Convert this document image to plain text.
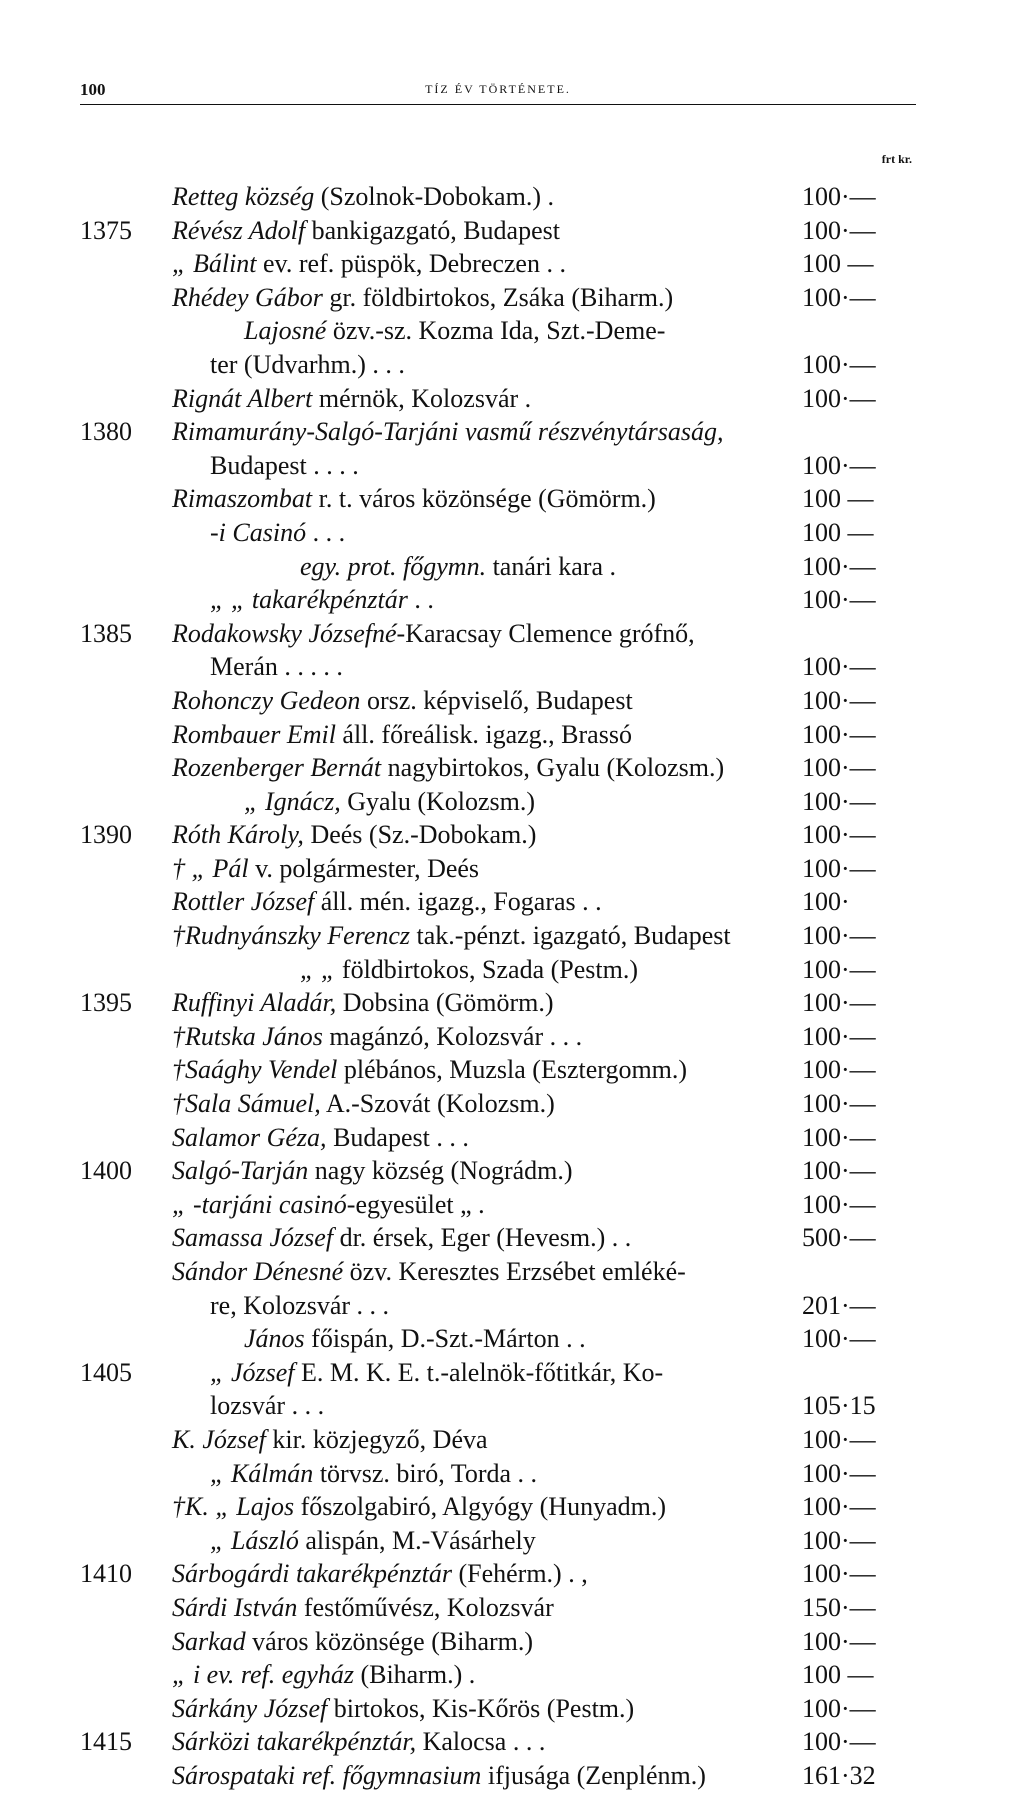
100	TÍZ ÉV TÖRTÉNETE.
frt kr.
Retteg község (Szolnok-Dobokam.) .	100·—
1375 Révész Adolf bankigazgató, Budapest	100·—
„ Bálint ev. ref. püspök, Debreczen . .	100 —
Rhédey Gábor gr. földbirtokos, Zsáka (Biharm.)	100·—
Lajosné özv.-sz. Kozma Ida, Szt.-Deme-
ter (Udvarhm.) . . .	100·—
Rignát Albert mérnök, Kolozsvár .	100·—
1380 Rimamurány-Salgó-Tarjáni vasmű részvénytársaság,
Budapest . . . .	100·—
Rimaszombat r. t. város közönsége (Gömörm.)	100 —
-i Casinó . . .	100 —
egy. prot. főgymn. tanári kara .	100·—
„ „ takarékpénztár . .	100·—
1385 Rodakowsky Józsefné-Karacsay Clemence grófnő,
Merán . . . . .	100·—
Rohonczy Gedeon orsz. képviselő, Budapest	100·—
Rombauer Emil áll. főreálisk. igazg., Brassó	100·—
Rozenberger Bernát nagybirtokos, Gyalu (Kolozsm.)	100·—
„ Ignácz, Gyalu (Kolozsm.)	100·—
1390 Róth Károly, Deés (Sz.-Dobokam.)	100·—
† „ Pál v. polgármester, Deés	100·—
Rottler József áll. mén. igazg., Fogaras . .	100·
†Rudnyánszky Ferencz tak.-pénzt. igazgató, Budapest	100·—
„ „ földbirtokos, Szada (Pestm.)	100·—
1395 Ruffinyi Aladár, Dobsina (Gömörm.)	100·—
†Rutska János magánzó, Kolozsvár . . .	100·—
†Saághy Vendel plébános, Muzsla (Esztergomm.)	100·—
†Sala Sámuel, A.-Szovát (Kolozsm.)	100·—
Salamor Géza, Budapest . . .	100·—
1400 Salgó-Tarján nagy község (Nográdm.)	100·—
„ -tarjáni casinó-egyesület „ .	100·—
Samassa József dr. érsek, Eger (Hevesm.) . .	500·—
Sándor Dénesné özv. Keresztes Erzsébet emléké-
re, Kolozsvár . . .	201·—
János főispán, D.-Szt.-Márton . .	100·—
1405	„ József E. M. K. E. t.-alelnök-főtitkár, Ko-
lozsvár . . .	105·15
K. József kir. közjegyző, Déva	100·—
„ Kálmán törvsz. biró, Torda . .	100·—
†K. „ Lajos főszolgabiró, Algyógy (Hunyadm.)	100·—
„ László alispán, M.-Vásárhely	100·—
1410 Sárbogárdi takarékpénztár (Fehérm.) . ,	100·—
Sárdi István festőművész, Kolozsvár	150·—
Sarkad város közönsége (Biharm.)	100·—
„ i ev. ref. egyház (Biharm.) .	100 —
Sárkány József birtokos, Kis-Kőrös (Pestm.)	100·—
1415 Sárközi takarékpénztár, Kalocsa . . .	100·—
Sárospataki ref. főgymnasium ifjusága (Zenplénm.)	161·32
